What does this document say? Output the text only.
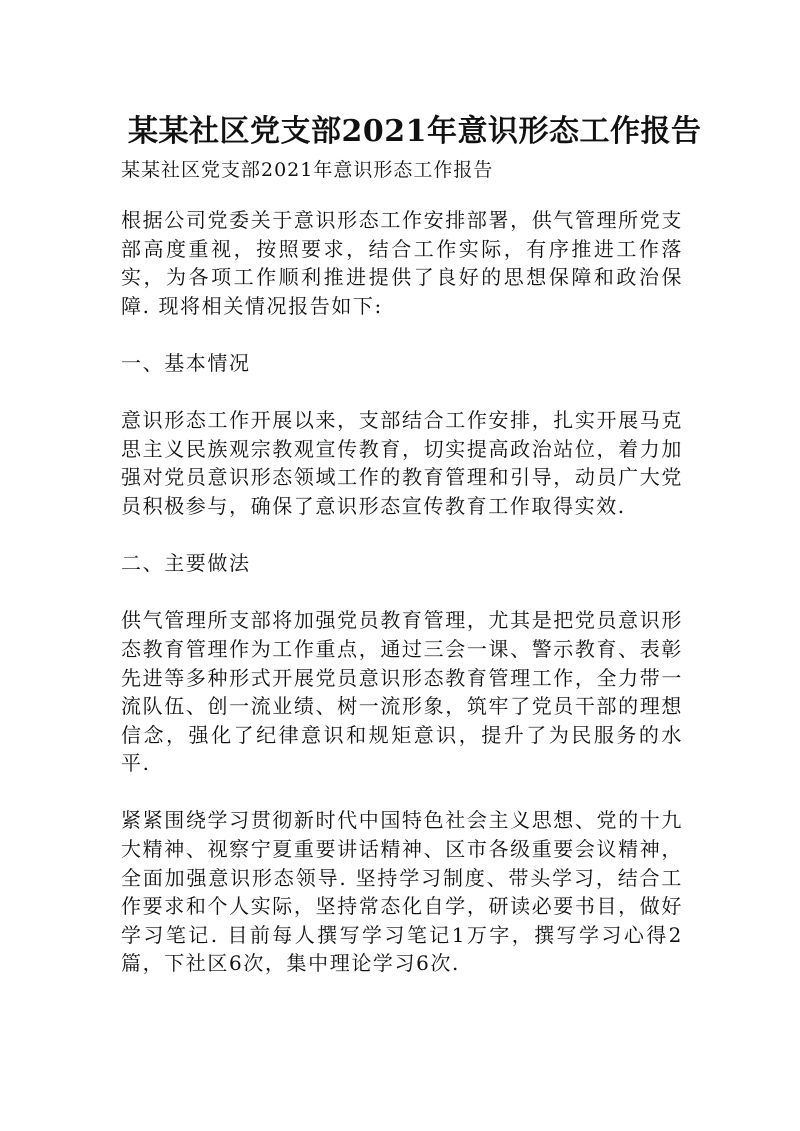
某某社区党支部2021年意识形态工作报告

某某社区党支部2021年意识形态工作报告

根据公司党委关于意识形态工作安排部署，供气管理所党支部高度重视，按照要求，结合工作实际，有序推进工作落实，为各项工作顺利推进提供了良好的思想保障和政治保障. 现将相关情况报告如下:

一、基本情况

意识形态工作开展以来，支部结合工作安排，扎实开展马克思主义民族观宗教观宣传教育，切实提高政治站位，着力加强对党员意识形态领域工作的教育管理和引导，动员广大党员积极参与，确保了意识形态宣传教育工作取得实效.

二、主要做法

供气管理所支部将加强党员教育管理，尤其是把党员意识形态教育管理作为工作重点，通过三会一课、警示教育、表彰先进等多种形式开展党员意识形态教育管理工作，全力带一流队伍、创一流业绩、树一流形象，筑牢了党员干部的理想信念，强化了纪律意识和规矩意识，提升了为民服务的水平.

紧紧围绕学习贯彻新时代中国特色社会主义思想、党的十九大精神、视察宁夏重要讲话精神、区市各级重要会议精神，全面加强意识形态领导. 坚持学习制度、带头学习，结合工作要求和个人实际，坚持常态化自学，研读必要书目，做好学习笔记. 目前每人撰写学习笔记1万字，撰写学习心得2篇，下社区6次，集中理论学习6次.
